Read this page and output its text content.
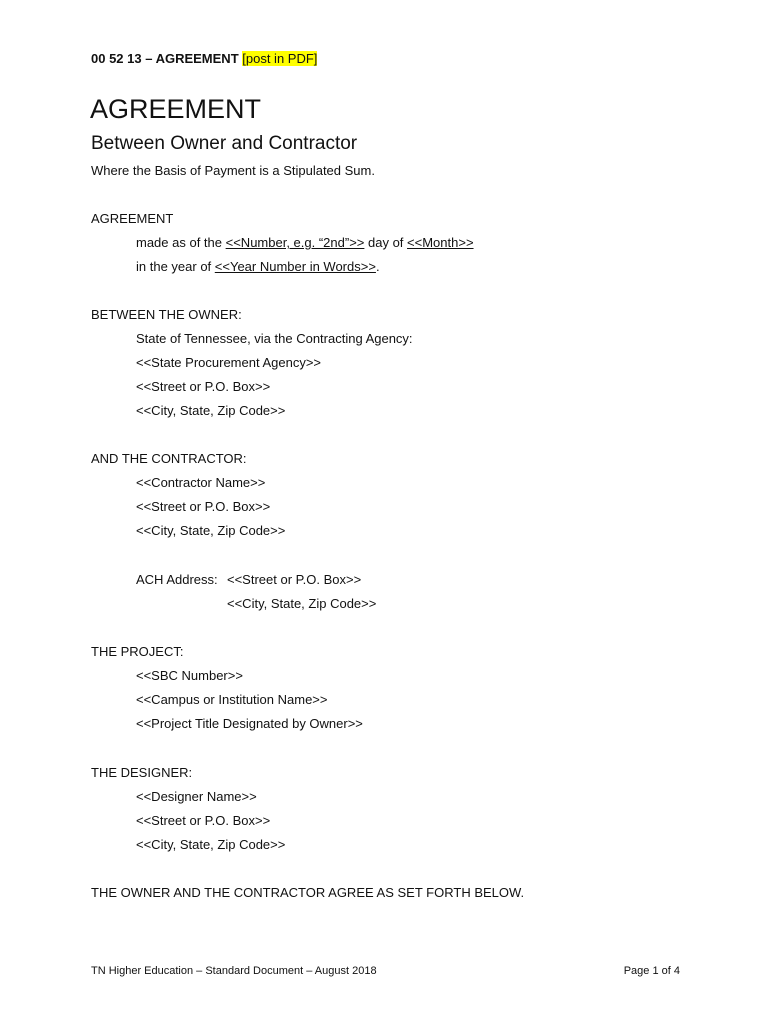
00 52 13 – AGREEMENT [post in PDF]
AGREEMENT
Between Owner and Contractor
Where the Basis of Payment is a Stipulated Sum.
AGREEMENT
made as of the <<Number, e.g. “2nd”>> day of <<Month>>
in the year of <<Year Number in Words>>.
BETWEEN THE OWNER:
State of Tennessee, via the Contracting Agency:
<<State Procurement Agency>>
<<Street or P.O. Box>>
<<City, State, Zip Code>>
AND THE CONTRACTOR:
<<Contractor Name>>
<<Street or P.O. Box>>
<<City, State, Zip Code>>
ACH Address: <<Street or P.O. Box>>
<<City, State, Zip Code>>
THE PROJECT:
<<SBC Number>>
<<Campus or Institution Name>>
<<Project Title Designated by Owner>>
THE DESIGNER:
<<Designer Name>>
<<Street or P.O. Box>>
<<City, State, Zip Code>>
THE OWNER AND THE CONTRACTOR AGREE AS SET FORTH BELOW.
TN Higher Education – Standard Document – August 2018	Page 1 of 4
